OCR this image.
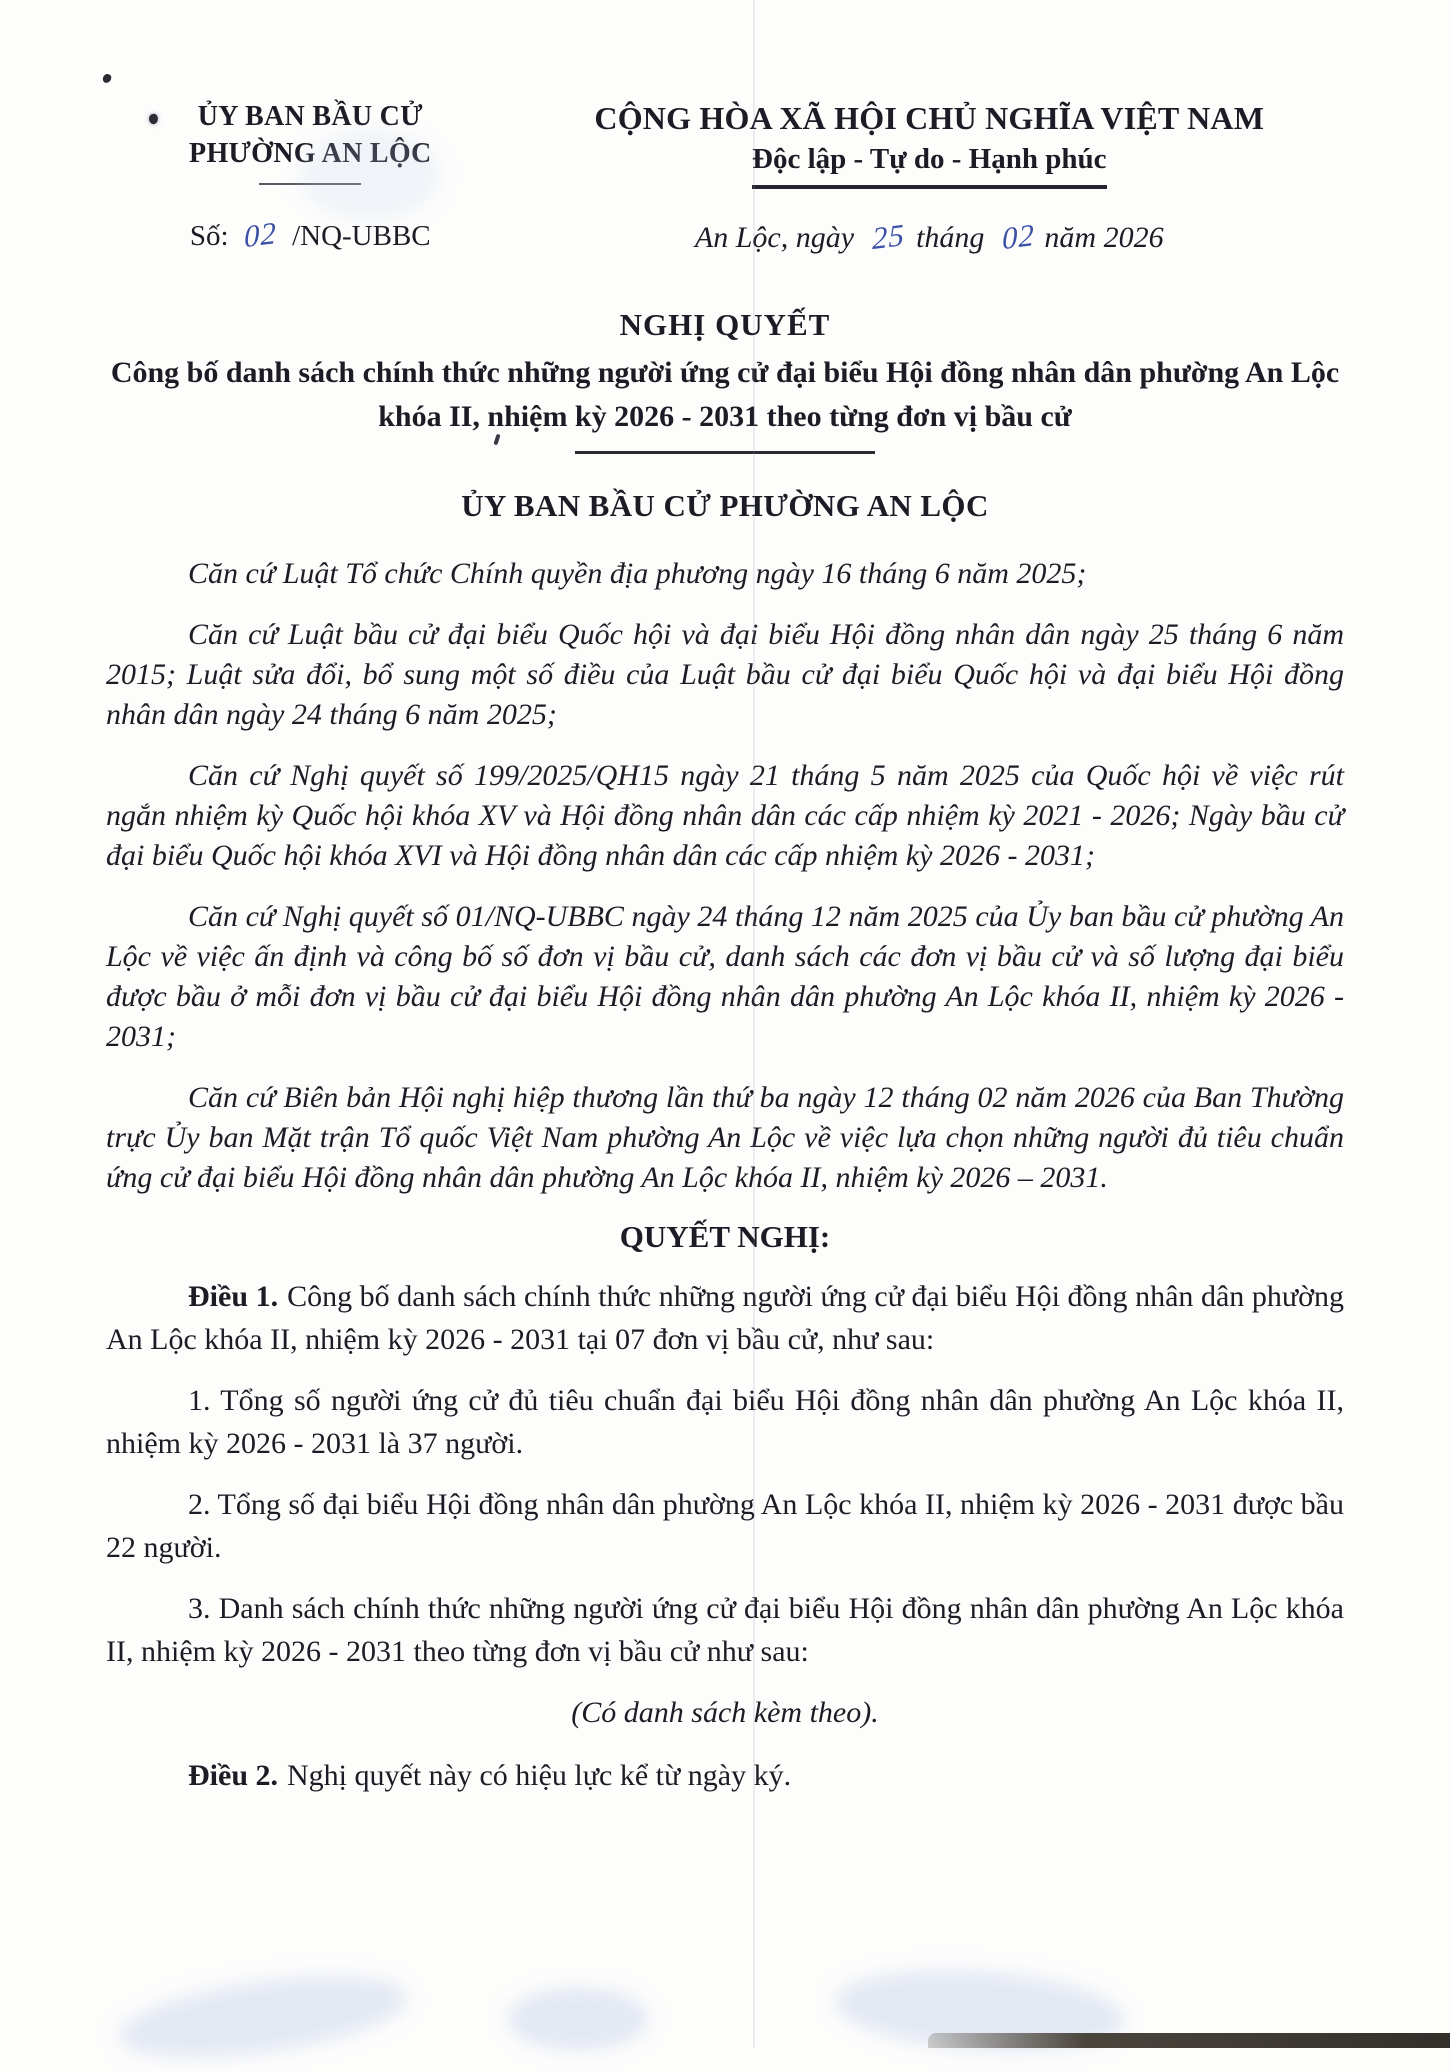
ỦY BAN BẦU CỬ
PHƯỜNG AN LỘC
Số: 02 /NQ-UBBC
CỘNG HÒA XÃ HỘI CHỦ NGHĨA VIỆT NAM
Độc lập - Tự do - Hạnh phúc
An Lộc, ngày 25 tháng 02 năm 2026
NGHỊ QUYẾT
Công bố danh sách chính thức những người ứng cử đại biểu Hội đồng nhân dân phường An Lộc khóa II, nhiệm kỳ 2026 - 2031 theo từng đơn vị bầu cử
ỦY BAN BẦU CỬ PHƯỜNG AN LỘC

Căn cứ Luật Tổ chức Chính quyền địa phương ngày 16 tháng 6 năm 2025;

Căn cứ Luật bầu cử đại biểu Quốc hội và đại biểu Hội đồng nhân dân ngày 25 tháng 6 năm 2015; Luật sửa đổi, bổ sung một số điều của Luật bầu cử đại biểu Quốc hội và đại biểu Hội đồng nhân dân ngày 24 tháng 6 năm 2025;

Căn cứ Nghị quyết số 199/2025/QH15 ngày 21 tháng 5 năm 2025 của Quốc hội về việc rút ngắn nhiệm kỳ Quốc hội khóa XV và Hội đồng nhân dân các cấp nhiệm kỳ 2021 - 2026; Ngày bầu cử đại biểu Quốc hội khóa XVI và Hội đồng nhân dân các cấp nhiệm kỳ 2026 - 2031;

Căn cứ Nghị quyết số 01/NQ-UBBC ngày 24 tháng 12 năm 2025 của Ủy ban bầu cử phường An Lộc về việc ấn định và công bố số đơn vị bầu cử, danh sách các đơn vị bầu cử và số lượng đại biểu được bầu ở mỗi đơn vị bầu cử đại biểu Hội đồng nhân dân phường An Lộc khóa II, nhiệm kỳ 2026 - 2031;

Căn cứ Biên bản Hội nghị hiệp thương lần thứ ba ngày 12 tháng 02 năm 2026 của Ban Thường trực Ủy ban Mặt trận Tổ quốc Việt Nam phường An Lộc về việc lựa chọn những người đủ tiêu chuẩn ứng cử đại biểu Hội đồng nhân dân phường An Lộc khóa II, nhiệm kỳ 2026 – 2031.

QUYẾT NGHỊ:

Điều 1. Công bố danh sách chính thức những người ứng cử đại biểu Hội đồng nhân dân phường An Lộc khóa II, nhiệm kỳ 2026 - 2031 tại 07 đơn vị bầu cử, như sau:

1. Tổng số người ứng cử đủ tiêu chuẩn đại biểu Hội đồng nhân dân phường An Lộc khóa II, nhiệm kỳ 2026 - 2031 là 37 người.

2. Tổng số đại biểu Hội đồng nhân dân phường An Lộc khóa II, nhiệm kỳ 2026 - 2031 được bầu 22 người.

3. Danh sách chính thức những người ứng cử đại biểu Hội đồng nhân dân phường An Lộc khóa II, nhiệm kỳ 2026 - 2031 theo từng đơn vị bầu cử như sau:

(Có danh sách kèm theo).

Điều 2. Nghị quyết này có hiệu lực kể từ ngày ký.
